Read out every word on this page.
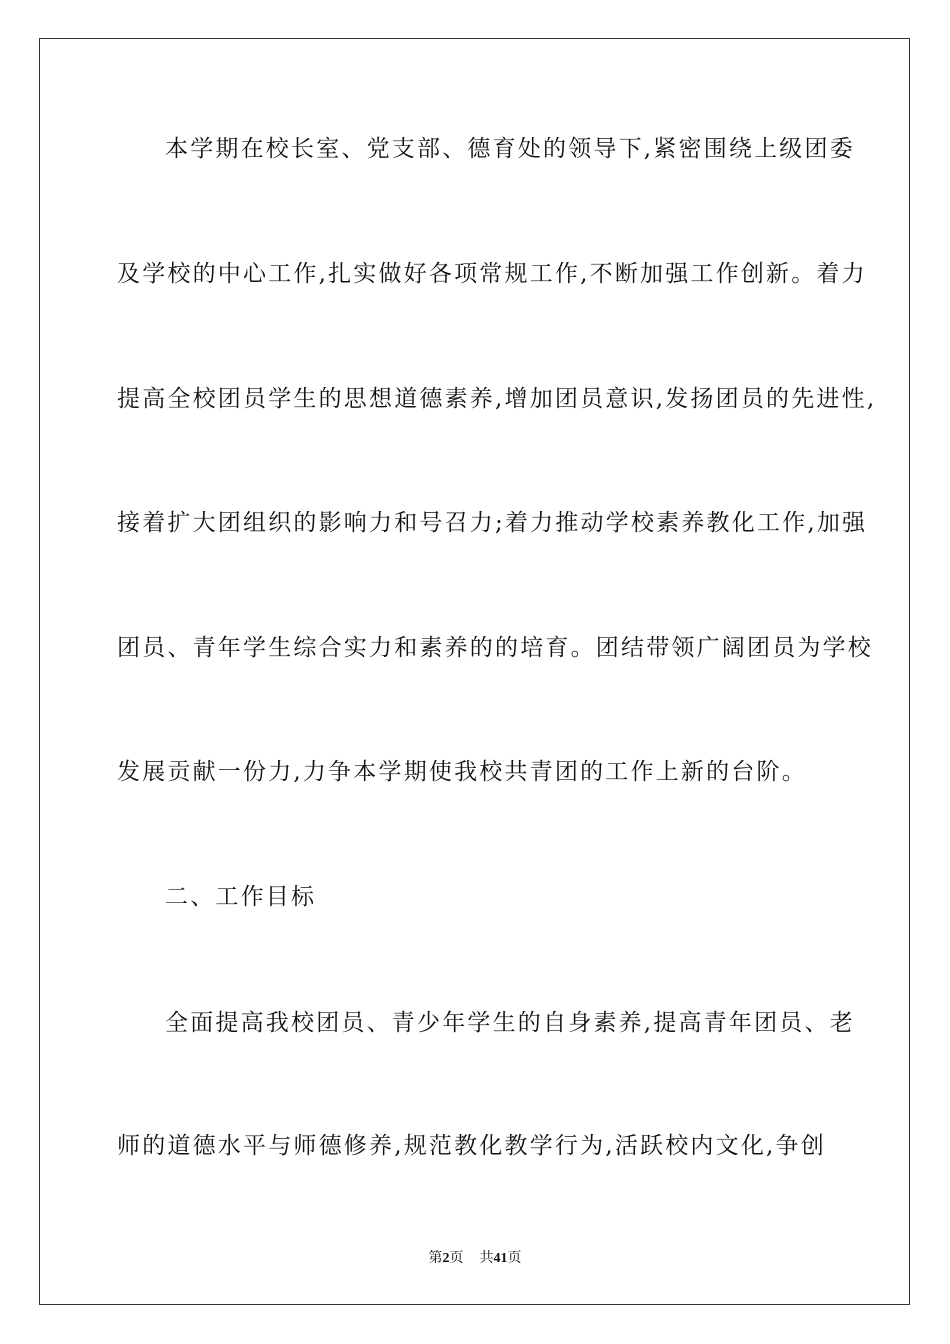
本学期在校长室、党支部、德育处的领导下,紧密围绕上级团委
及学校的中心工作,扎实做好各项常规工作,不断加强工作创新。着力
提高全校团员学生的思想道德素养,增加团员意识,发扬团员的先进性,
接着扩大团组织的影响力和号召力;着力推动学校素养教化工作,加强
团员、青年学生综合实力和素养的的培育。团结带领广阔团员为学校
发展贡献一份力,力争本学期使我校共青团的工作上新的台阶。
二、工作目标
全面提高我校团员、青少年学生的自身素养,提高青年团员、老
师的道德水平与师德修养,规范教化教学行为,活跃校内文化,争创
第2页 共41页
